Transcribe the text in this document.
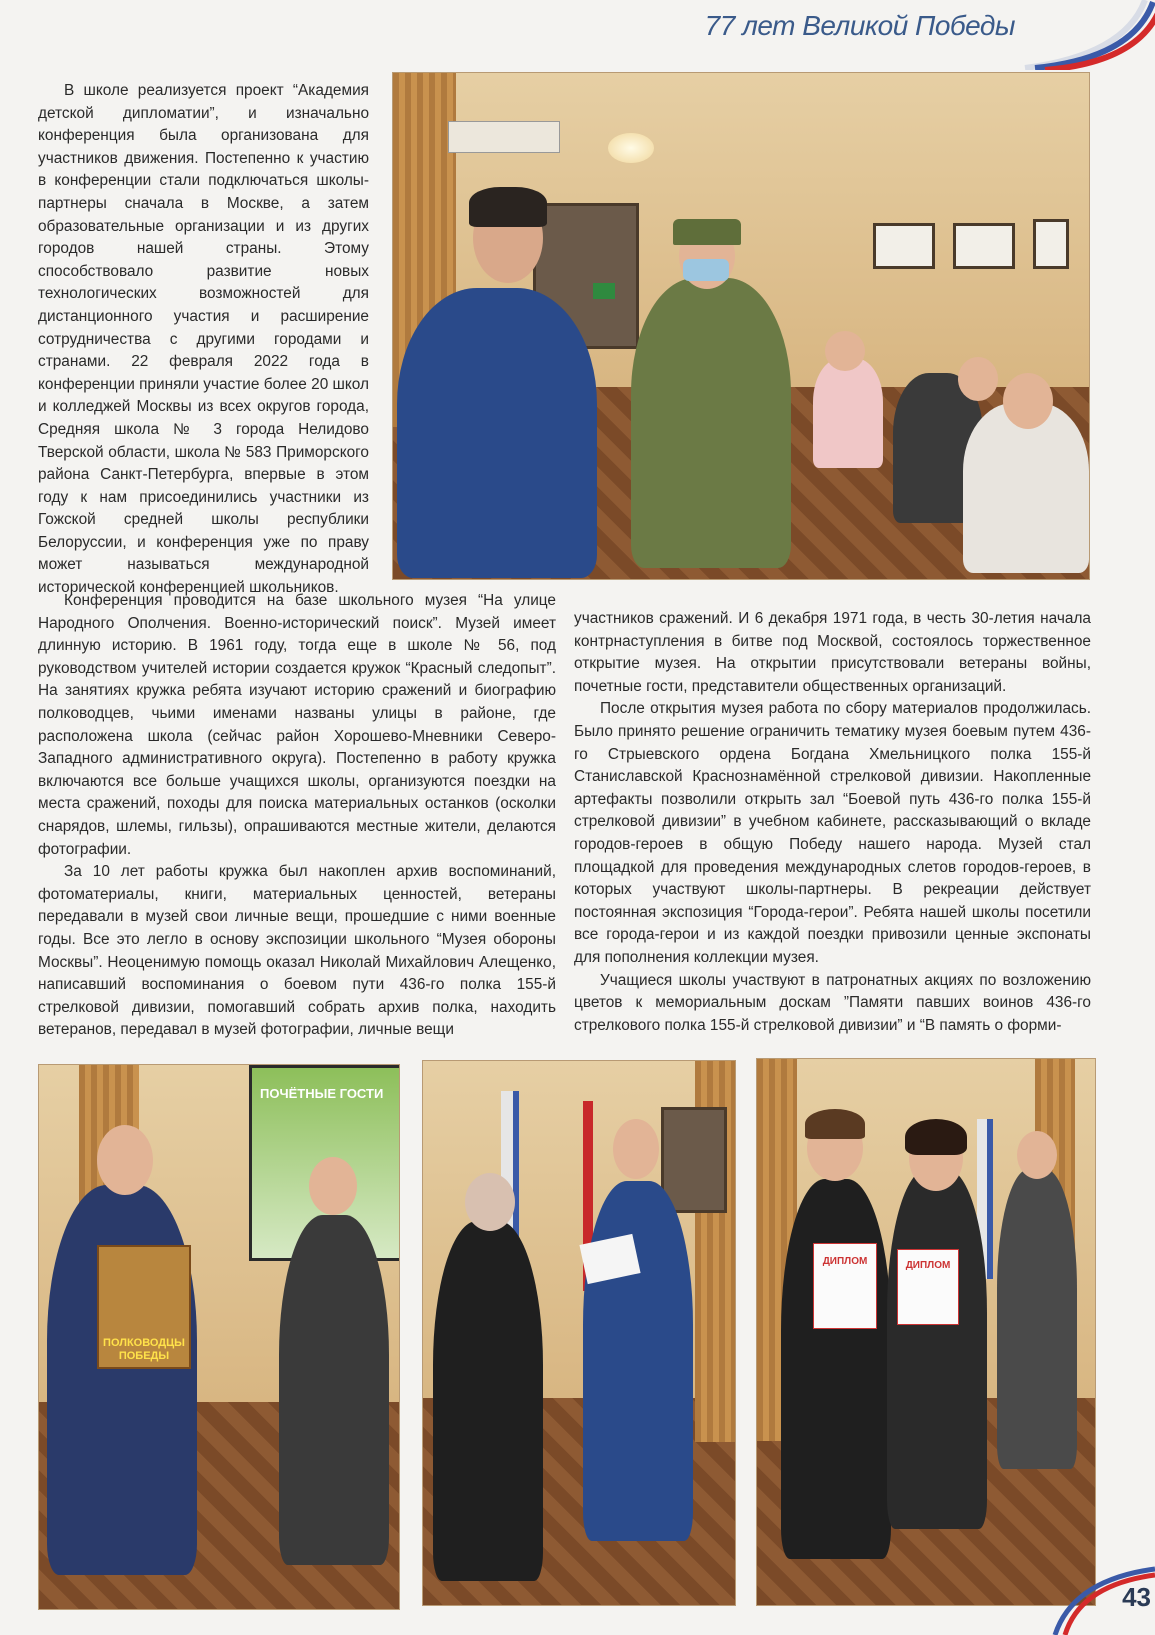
77 лет Великой Победы

В школе реализуется проект “Академия детской дипломатии”, и изначально конференция была организована для участников движения. Постепенно к участию в конференции стали подключаться школы-партнеры сначала в Москве, а затем образовательные организации и из других городов нашей страны. Этому способствовало развитие новых технологических возможностей для дистанционного участия и расширение сотрудничества с другими городами и странами. 22 февраля 2022 года в конференции приняли участие более 20 школ и колледжей Москвы из всех округов города, Средняя школа № 3 города Нелидово Тверской области, школа № 583 Приморского района Санкт-Петербурга, впервые в этом году к нам присоединились участники из Гожской средней школы республики Белоруссии, и конференция уже по праву может называться международной исторической конференцией школьников.

Конференция проводится на базе школьного музея “На улице Народного Ополчения. Военно-исторический поиск”. Музей имеет длинную историю. В 1961 году, тогда еще в школе № 56, под руководством учителей истории создается кружок “Красный следопыт”. На занятиях кружка ребята изучают историю сражений и биографию полководцев, чьими именами названы улицы в районе, где расположена школа (сейчас район Хорошево-Мневники Северо-Западного административного округа). Постепенно в работу кружка включаются все больше учащихся школы, организуются поездки на места сражений, походы для поиска материальных останков (осколки снарядов, шлемы, гильзы), опрашиваются местные жители, делаются фотографии.

За 10 лет работы кружка был накоплен архив воспоминаний, фотоматериалы, книги, материальных ценностей, ветераны передавали в музей свои личные вещи, прошедшие с ними военные годы. Все это легло в основу экспозиции школьного “Музея обороны Москвы”. Неоценимую помощь оказал Николай Михайлович Алещенко, написавший воспоминания о боевом пути 436-го полка 155-й стрелковой дивизии, помогавший собрать архив полка, находить ветеранов, передавал в музей фотографии, личные вещи

участников сражений. И 6 декабря 1971 года, в честь 30-летия начала контрнаступления в битве под Москвой, состоялось торжественное открытие музея. На открытии присутствовали ветераны войны, почетные гости, представители общественных организаций.

После открытия музея работа по сбору материалов продолжилась. Было принято решение ограничить тематику музея боевым путем 436-го Стрыевского ордена Богдана Хмельницкого полка 155-й Станиславской Краснознамённой стрелковой дивизии. Накопленные артефакты позволили открыть зал “Боевой путь 436-го полка 155-й стрелковой дивизии” в учебном кабинете, рассказывающий о вкладе городов-героев в общую Победу нашего народа. Музей стал площадкой для проведения международных слетов городов-героев, в которых участвуют школы-партнеры. В рекреации действует постоянная экспозиция “Города-герои”. Ребята нашей школы посетили все города-герои и из каждой поездки привозили ценные экспонаты для пополнения коллекции музея.

Учащиеся школы участвуют в патронатных акциях по возложению цветов к мемориальным доскам ”Памяти павших воинов 436-го стрелкового полка 155-й стрелковой дивизии” и “В память о форми-

ПОЧЁТНЫЕ ГОСТИ
ПОЛКОВОДЦЫ ПОБЕДЫ
ДИПЛОМ	ДИПЛОМ
43
